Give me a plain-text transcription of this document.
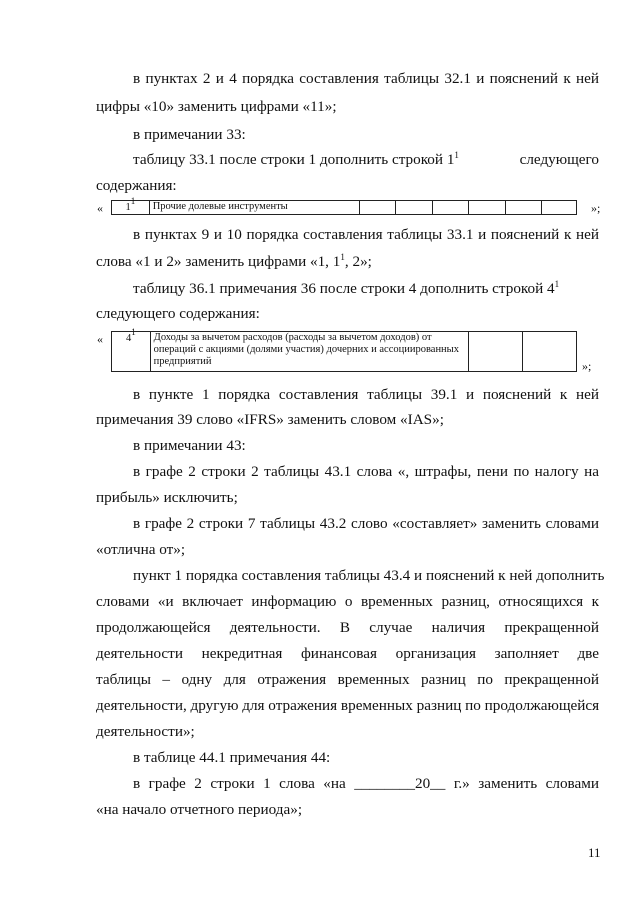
в пунктах 2 и 4 порядка составления таблицы 32.1 и пояснений к ней
цифры «10» заменить цифрами «11»;
в примечании 33:
таблицу 33.1 после строки 1 дополнить строкой $1^1$	следующего
содержания:
« $1^1$	Прочие долевые инструменты							»;
в пунктах 9 и 10 порядка составления таблицы 33.1 и пояснений к ней
слова «1 и 2» заменить цифрами «1, $1^1$, 2»;
таблицу 36.1 примечания 36 после строки 4 дополнить строкой $4^1$
следующего содержания:
« $4^1$	Доходы за вычетом расходов (расходы за вычетом доходов) от операций с акциями (долями участия) дочерних и ассоциированных предприятий			»;
в пункте 1 порядка составления таблицы 39.1 и пояснений к ней
примечания 39 слово «IFRS» заменить словом «IAS»;
в примечании 43:
в графе 2 строки 2 таблицы 43.1 слова «, штрафы, пени по налогу на
прибыль» исключить;
в графе 2 строки 7 таблицы 43.2 слово «составляет» заменить словами
«отлична от»;
пункт 1 порядка составления таблицы 43.4 и пояснений к ней дополнить
словами «и включает информацию о временных разниц, относящихся к
продолжающейся деятельности. В случае наличия прекращенной
деятельности некредитная финансовая организация заполняет две
таблицы – одну для отражения временных разниц по прекращенной
деятельности, другую для отражения временных разниц по продолжающейся
деятельности»;
в таблице 44.1 примечания 44:
в графе 2 строки 1 слова «на ________20__ г.» заменить словами
«на начало отчетного периода»;
11
